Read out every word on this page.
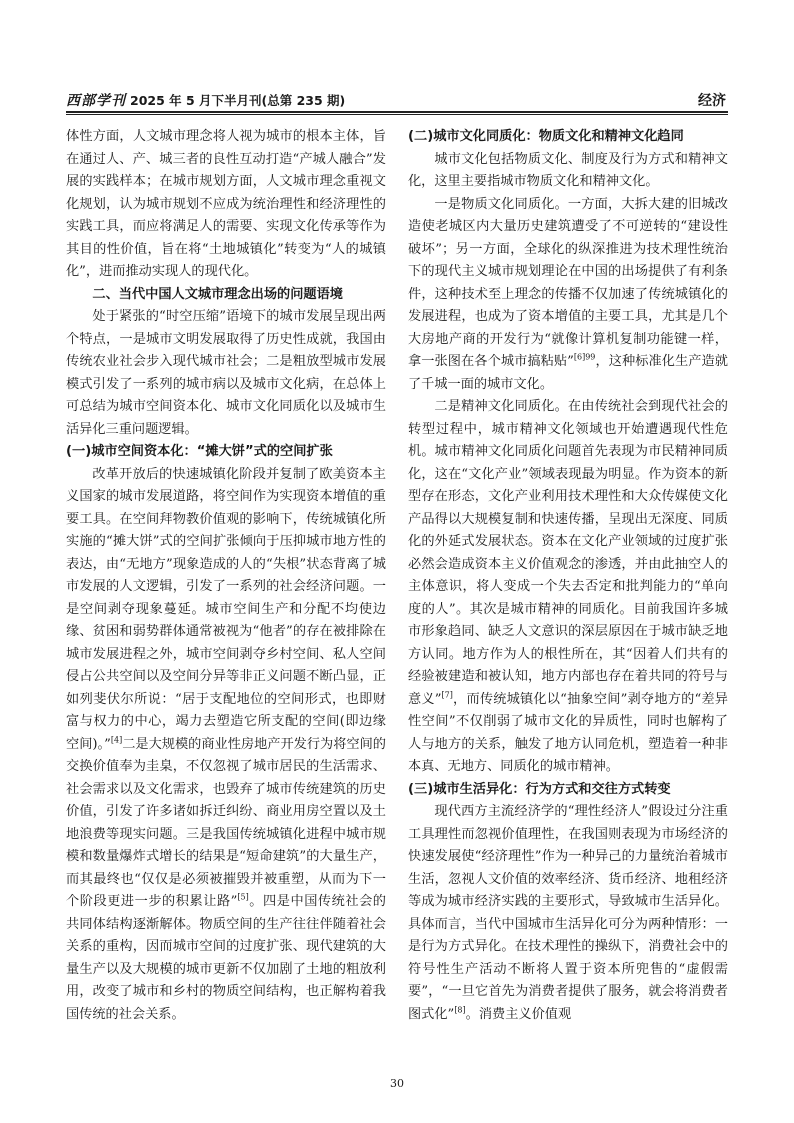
西部学刊 2025 年 5 月下半月刊(总第 235 期)	经济

体性方面，人文城市理念将人视为城市的根本主体，旨在通过人、产、城三者的良性互动打造“产城人融合”发展的实践样本；在城市规划方面，人文城市理念重视文化规划，认为城市规划不应成为统治理性和经济理性的实践工具，而应将满足人的需要、实现文化传承等作为其目的性价值，旨在将“土地城镇化”转变为“人的城镇化”，进而推动实现人的现代化。

二、当代中国人文城市理念出场的问题语境

处于紧张的“时空压缩”语境下的城市发展呈现出两个特点，一是城市文明发展取得了历史性成就，我国由传统农业社会步入现代城市社会；二是粗放型城市发展模式引发了一系列的城市病以及城市文化病，在总体上可总结为城市空间资本化、城市文化同质化以及城市生活异化三重问题逻辑。

(一)城市空间资本化：“摊大饼”式的空间扩张

改革开放后的快速城镇化阶段并复制了欧美资本主义国家的城市发展道路，将空间作为实现资本增值的重要工具。在空间拜物教价值观的影响下，传统城镇化所实施的“摊大饼”式的空间扩张倾向于压抑城市地方性的表达，由“无地方”现象造成的人的“失根”状态背离了城市发展的人文逻辑，引发了一系列的社会经济问题。一是空间剥夺现象蔓延。城市空间生产和分配不均使边缘、贫困和弱势群体通常被视为“他者”的存在被排除在城市发展进程之外，城市空间剥夺乡村空间、私人空间侵占公共空间以及空间分异等非正义问题不断凸显，正如列斐伏尔所说：“居于支配地位的空间形式，也即财富与权力的中心，竭力去塑造它所支配的空间(即边缘空间)。”[4]二是大规模的商业性房地产开发行为将空间的交换价值奉为圭臬，不仅忽视了城市居民的生活需求、社会需求以及文化需求，也毁弃了城市传统建筑的历史价值，引发了许多诸如拆迁纠纷、商业用房空置以及土地浪费等现实问题。三是我国传统城镇化进程中城市规模和数量爆炸式增长的结果是“短命建筑”的大量生产，而其最终也“仅仅是必须被摧毁并被重塑，从而为下一个阶段更进一步的积累让路”[5]。四是中国传统社会的共同体结构逐渐解体。物质空间的生产往往伴随着社会关系的重构，因而城市空间的过度扩张、现代建筑的大量生产以及大规模的城市更新不仅加剧了土地的粗放利用，改变了城市和乡村的物质空间结构，也正解构着我国传统的社会关系。

(二)城市文化同质化：物质文化和精神文化趋同

城市文化包括物质文化、制度及行为方式和精神文化，这里主要指城市物质文化和精神文化。

一是物质文化同质化。一方面，大拆大建的旧城改造使老城区内大量历史建筑遭受了不可逆转的“建设性破坏”；另一方面，全球化的纵深推进为技术理性统治下的现代主义城市规划理论在中国的出场提供了有利条件，这种技术至上理念的传播不仅加速了传统城镇化的发展进程，也成为了资本增值的主要工具，尤其是几个大房地产商的开发行为“就像计算机复制功能键一样，拿一张图在各个城市搞粘贴”$^{[6]99}$，这种标准化生产造就了千城一面的城市文化。

二是精神文化同质化。在由传统社会到现代社会的转型过程中，城市精神文化领域也开始遭遇现代性危机。城市精神文化同质化问题首先表现为市民精神同质化，这在“文化产业”领域表现最为明显。作为资本的新型存在形态，文化产业利用技术理性和大众传媒使文化产品得以大规模复制和快速传播，呈现出无深度、同质化的外延式发展状态。资本在文化产业领域的过度扩张必然会造成资本主义价值观念的渗透，并由此抽空人的主体意识，将人变成一个失去否定和批判能力的“单向度的人”。其次是城市精神的同质化。目前我国许多城市形象趋同、缺乏人文意识的深层原因在于城市缺乏地方认同。地方作为人的根性所在，其“因着人们共有的经验被建造和被认知，地方内部也存在着共同的符号与意义”[7]，而传统城镇化以“抽象空间”剥夺地方的“差异性空间”不仅削弱了城市文化的异质性，同时也解构了人与地方的关系，触发了地方认同危机，塑造着一种非本真、无地方、同质化的城市精神。

(三)城市生活异化：行为方式和交往方式转变

现代西方主流经济学的“理性经济人”假设过分注重工具理性而忽视价值理性，在我国则表现为市场经济的快速发展使“经济理性”作为一种异己的力量统治着城市生活，忽视人文价值的效率经济、货币经济、地租经济等成为城市经济实践的主要形式，导致城市生活异化。具体而言，当代中国城市生活异化可分为两种情形：一是行为方式异化。在技术理性的操纵下，消费社会中的符号性生产活动不断将人置于资本所兜售的“虚假需要”，“一旦它首先为消费者提供了服务，就会将消费者图式化”[8]。消费主义价值观

30
